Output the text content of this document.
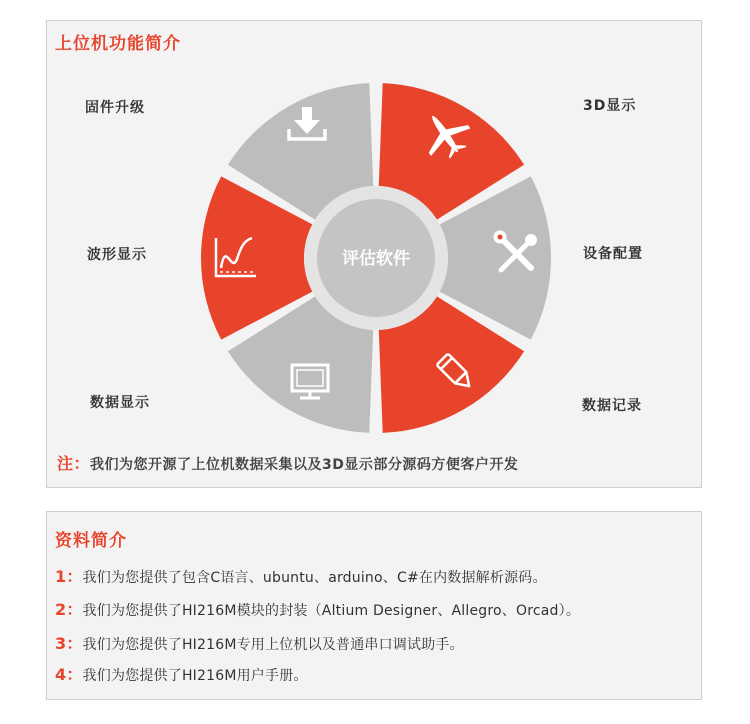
上位机功能简介
固件升级	3D显示
波形显示	设备配置
数据显示	数据记录
评估软件
注：我们为您开源了上位机数据采集以及3D显示部分源码方便客户开发
资料简介
1：我们为您提供了包含C语言、ubuntu、arduino、C#在内数据解析源码。
2：我们为您提供了HI216M模块的封装（Altium Designer、Allegro、Orcad）。
3：我们为您提供了HI216M专用上位机以及普通串口调试助手。
4：我们为您提供了HI216M用户手册。
